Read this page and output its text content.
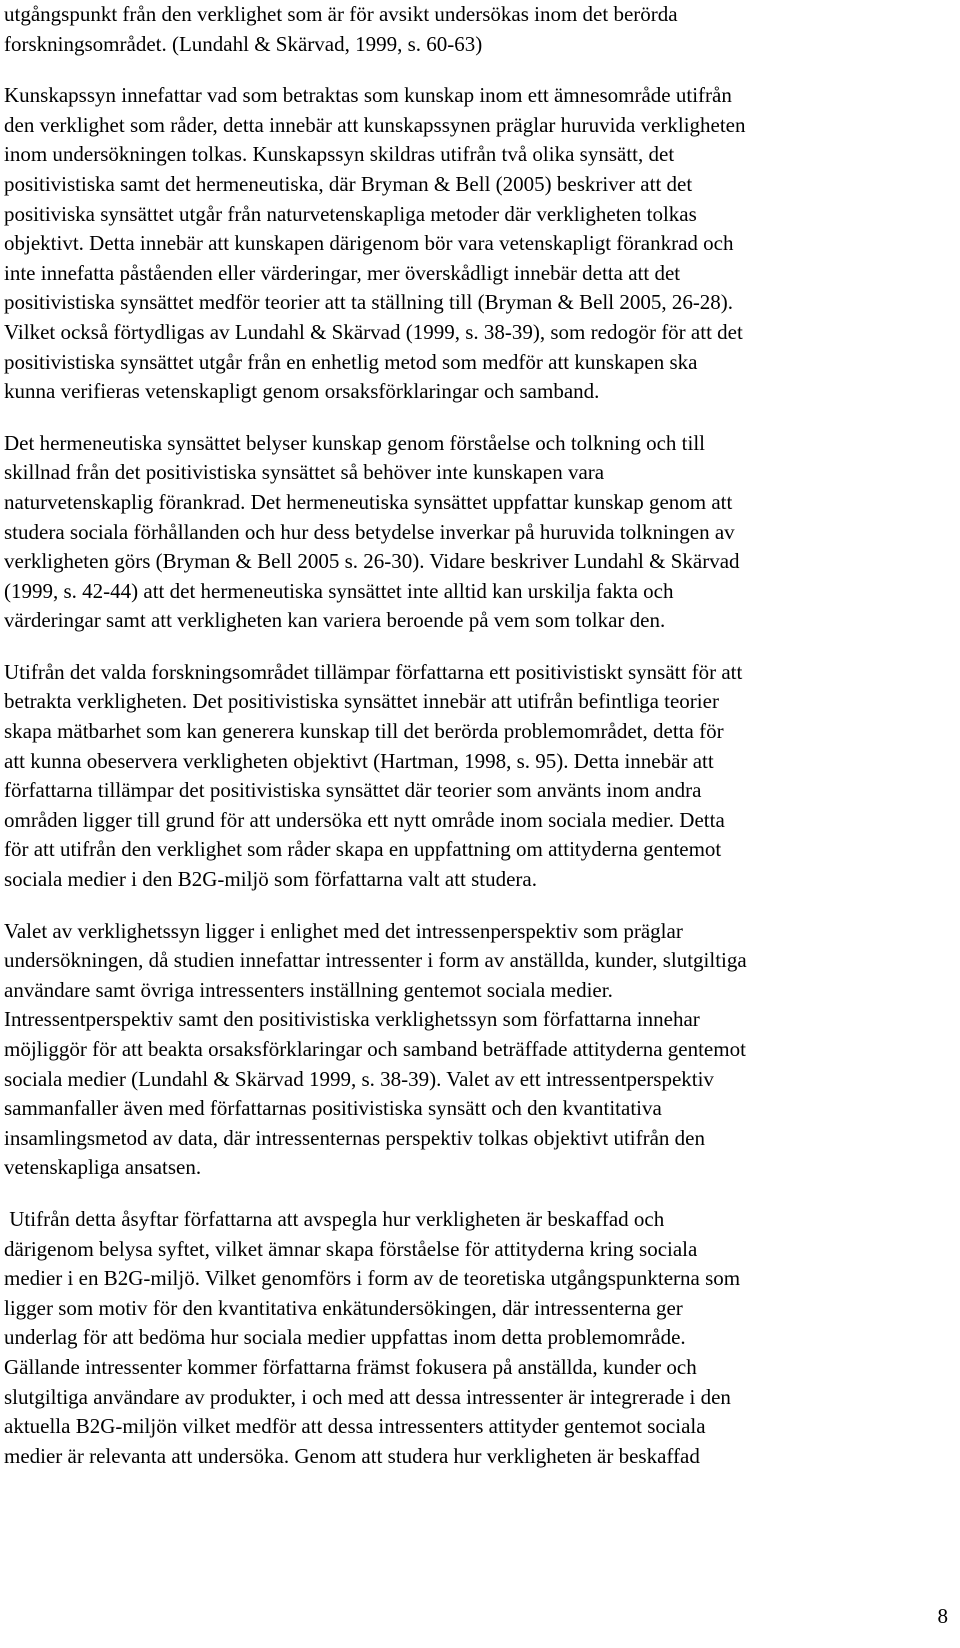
utgångspunkt från den verklighet som är för avsikt undersökas inom det berörda
forskningsområdet. (Lundahl & Skärvad, 1999, s. 60-63)
Kunskapssyn innefattar vad som betraktas som kunskap inom ett ämnesområde utifrån
den verklighet som råder, detta innebär att kunskapssynen präglar huruvida verkligheten
inom undersökningen tolkas. Kunskapssyn skildras utifrån två olika synsätt, det
positivistiska samt det hermeneutiska, där Bryman & Bell (2005) beskriver att det
positiviska synsättet utgår från naturvetenskapliga metoder där verkligheten tolkas
objektivt. Detta innebär att kunskapen därigenom bör vara vetenskapligt förankrad och
inte innefatta påståenden eller värderingar, mer överskådligt innebär detta att det
positivistiska synsättet medför teorier att ta ställning till (Bryman & Bell 2005, 26-28).
Vilket också förtydligas av Lundahl & Skärvad (1999, s. 38-39), som redogör för att det
positivistiska synsättet utgår från en enhetlig metod som medför att kunskapen ska
kunna verifieras vetenskapligt genom orsaksförklaringar och samband.
Det hermeneutiska synsättet belyser kunskap genom förståelse och tolkning och till
skillnad från det positivistiska synsättet så behöver inte kunskapen vara
naturvetenskaplig förankrad. Det hermeneutiska synsättet uppfattar kunskap genom att
studera sociala förhållanden och hur dess betydelse inverkar på huruvida tolkningen av
verkligheten görs (Bryman & Bell 2005 s. 26-30). Vidare beskriver Lundahl & Skärvad
(1999, s. 42-44) att det hermeneutiska synsättet inte alltid kan urskilja fakta och
värderingar samt att verkligheten kan variera beroende på vem som tolkar den.
Utifrån det valda forskningsområdet tillämpar författarna ett positivistiskt synsätt för att
betrakta verkligheten. Det positivistiska synsättet innebär att utifrån befintliga teorier
skapa mätbarhet som kan generera kunskap till det berörda problemområdet, detta för
att kunna obeservera verkligheten objektivt (Hartman, 1998, s. 95). Detta innebär att
författarna tillämpar det positivistiska synsättet där teorier som använts inom andra
områden ligger till grund för att undersöka ett nytt område inom sociala medier. Detta
för att utifrån den verklighet som råder skapa en uppfattning om attityderna gentemot
sociala medier i den B2G-miljö som författarna valt att studera.
Valet av verklighetssyn ligger i enlighet med det intressenperspektiv som präglar
undersökningen, då studien innefattar intressenter i form av anställda, kunder, slutgiltiga
användare samt övriga intressenters inställning gentemot sociala medier.
Intressentperspektiv samt den positivistiska verklighetssyn som författarna innehar
möjliggör för att beakta orsaksförklaringar och samband beträffade attityderna gentemot
sociala medier (Lundahl & Skärvad 1999, s. 38-39). Valet av ett intressentperspektiv
sammanfaller även med författarnas positivistiska synsätt och den kvantitativa
insamlingsmetod av data, där intressenternas perspektiv tolkas objektivt utifrån den
vetenskapliga ansatsen.
Utifrån detta åsyftar författarna att avspegla hur verkligheten är beskaffad och
därigenom belysa syftet, vilket ämnar skapa förståelse för attityderna kring sociala
medier i en B2G-miljö. Vilket genomförs i form av de teoretiska utgångspunkterna som
ligger som motiv för den kvantitativa enkätundersökingen, där intressenterna ger
underlag för att bedöma hur sociala medier uppfattas inom detta problemområde.
Gällande intressenter kommer författarna främst fokusera på anställda, kunder och
slutgiltiga användare av produkter, i och med att dessa intressenter är integrerade i den
aktuella B2G-miljön vilket medför att dessa intressenters attityder gentemot sociala
medier är relevanta att undersöka. Genom att studera hur verkligheten är beskaffad
8
